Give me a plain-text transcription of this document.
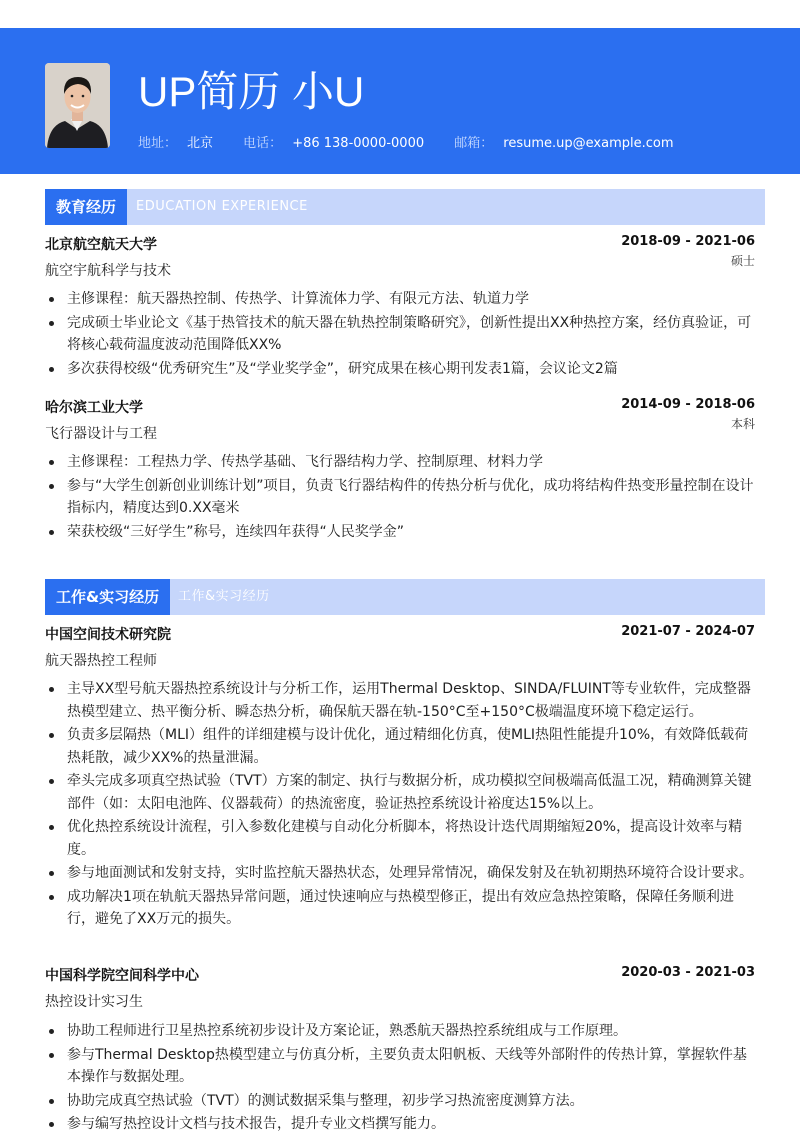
UP简历 小U
地址： 北京 电话： +86 138-0000-0000 邮箱： resume.up@example.com
教育经历	EDUCATION EXPERIENCE
北京航空航天大学	2018-09 - 2021-06
硕士
航空宇航科学与技术
主修课程：航天器热控制、传热学、计算流体力学、有限元方法、轨道力学
完成硕士毕业论文《基于热管技术的航天器在轨热控制策略研究》，创新性提出XX种热控方案，经仿真验证，可将核心载荷温度波动范围降低XX%
多次获得校级“优秀研究生”及“学业奖学金”，研究成果在核心期刊发表1篇，会议论文2篇
哈尔滨工业大学	2014-09 - 2018-06
本科
飞行器设计与工程
主修课程：工程热力学、传热学基础、飞行器结构力学、控制原理、材料力学
参与“大学生创新创业训练计划”项目，负责飞行器结构件的传热分析与优化，成功将结构件热变形量控制在设计指标内，精度达到0.XX毫米
荣获校级“三好学生”称号，连续四年获得“人民奖学金”
工作&实习经历	工作&实习经历
中国空间技术研究院	2021-07 - 2024-07
航天器热控工程师
主导XX型号航天器热控系统设计与分析工作，运用Thermal Desktop、SINDA/FLUINT等专业软件，完成整器热模型建立、热平衡分析、瞬态热分析，确保航天器在轨-150°C至+150°C极端温度环境下稳定运行。
负责多层隔热（MLI）组件的详细建模与设计优化，通过精细化仿真，使MLI热阻性能提升10%，有效降低载荷热耗散，减少XX%的热量泄漏。
牵头完成多项真空热试验（TVT）方案的制定、执行与数据分析，成功模拟空间极端高低温工况，精确测算关键部件（如：太阳电池阵、仪器载荷）的热流密度，验证热控系统设计裕度达15%以上。
优化热控系统设计流程，引入参数化建模与自动化分析脚本，将热设计迭代周期缩短20%，提高设计效率与精度。
参与地面测试和发射支持，实时监控航天器热状态，处理异常情况，确保发射及在轨初期热环境符合设计要求。
成功解决1项在轨航天器热异常问题，通过快速响应与热模型修正，提出有效应急热控策略，保障任务顺利进行，避免了XX万元的损失。
中国科学院空间科学中心	2020-03 - 2021-03
热控设计实习生
协助工程师进行卫星热控系统初步设计及方案论证，熟悉航天器热控系统组成与工作原理。
参与Thermal Desktop热模型建立与仿真分析，主要负责太阳帆板、天线等外部附件的传热计算，掌握软件基本操作与数据处理。
协助完成真空热试验（TVT）的测试数据采集与整理，初步学习热流密度测算方法。
参与编写热控设计文档与技术报告，提升专业文档撰写能力。
